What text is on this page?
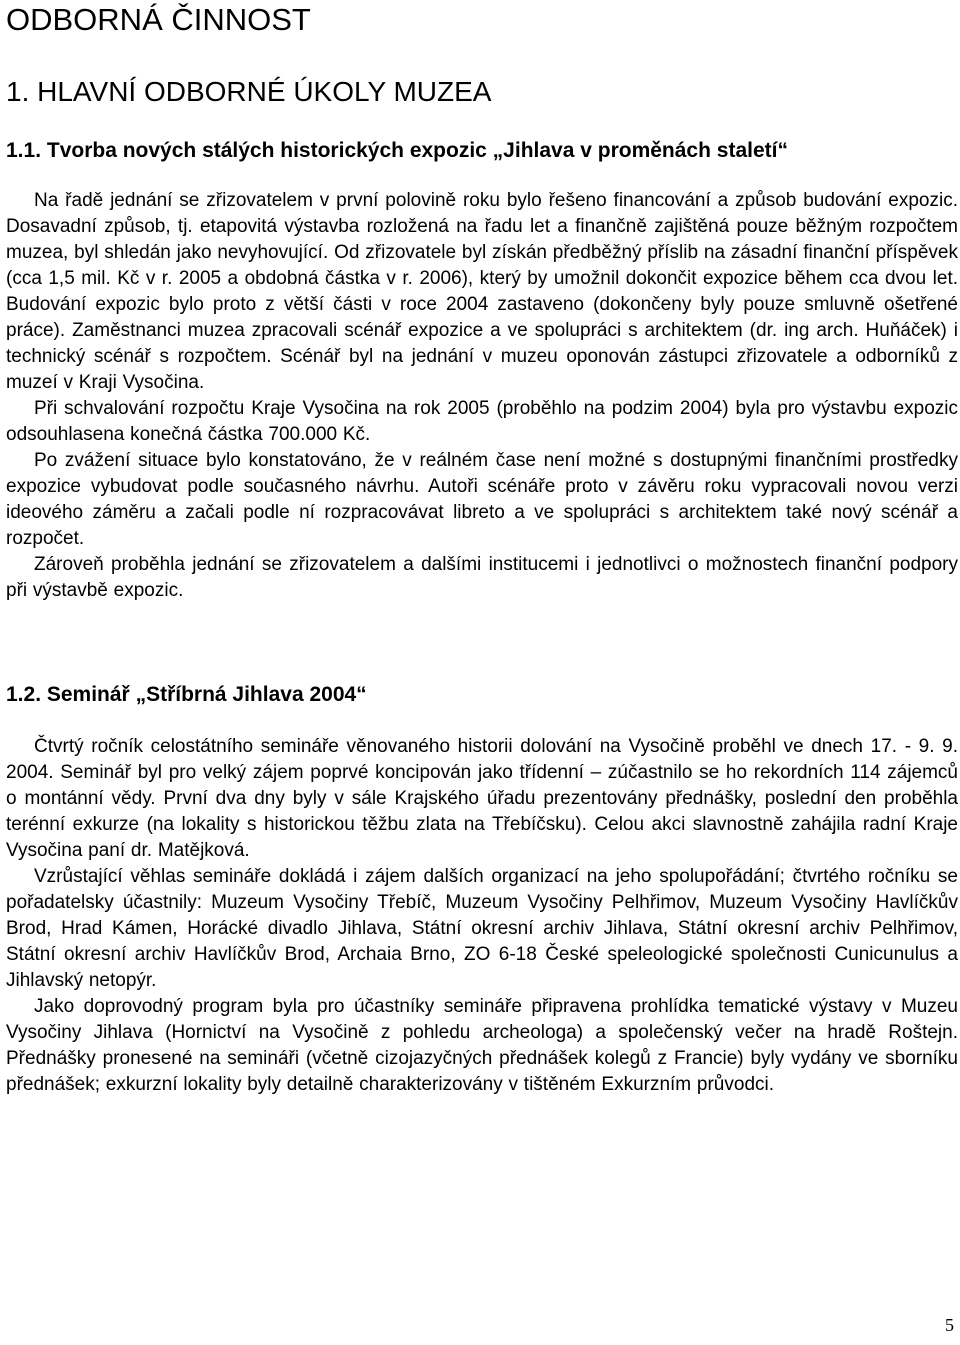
ODBORNÁ ČINNOST
1. HLAVNÍ ODBORNÉ ÚKOLY MUZEA
1.1. Tvorba nových stálých historických expozic „Jihlava v proměnách staletí“

Na řadě jednání se zřizovatelem v první polovině roku bylo řešeno financování a způsob budování expozic. Dosavadní způsob, tj. etapovitá výstavba rozložená na řadu let a finančně zajištěná pouze běžným rozpočtem muzea, byl shledán jako nevyhovující. Od zřizovatele byl získán předběžný příslib na zásadní finanční příspěvek (cca 1,5 mil. Kč v r. 2005 a obdobná částka v r. 2006), který by umožnil dokončit expozice během cca dvou let. Budování expozic bylo proto z větší části v roce 2004 zastaveno (dokončeny byly pouze smluvně ošetřené práce). Zaměstnanci muzea zpracovali scénář expozice a ve spolupráci s architektem (dr. ing arch. Huňáček) i technický scénář s rozpočtem. Scénář byl na jednání v muzeu oponován zástupci zřizovatele a odborníků z muzeí v Kraji Vysočina.

Při schvalování rozpočtu Kraje Vysočina na rok 2005 (proběhlo na podzim 2004) byla pro výstavbu expozic odsouhlasena konečná částka 700.000 Kč.

Po zvážení situace bylo konstatováno, že v reálném čase není možné s dostupnými finančními prostředky expozice vybudovat podle současného návrhu. Autoři scénáře proto v závěru roku vypracovali novou verzi ideového záměru a začali podle ní rozpracovávat libreto a ve spolupráci s architektem také nový scénář a rozpočet.

Zároveň proběhla jednání se zřizovatelem a dalšími institucemi i jednotlivci o možnostech finanční podpory při výstavbě expozic.

1.2. Seminář „Stříbrná Jihlava 2004“

Čtvrtý ročník celostátního semináře věnovaného historii dolování na Vysočině proběhl ve dnech 17. - 9. 9. 2004. Seminář byl pro velký zájem poprvé koncipován jako třídenní – zúčastnilo se ho rekordních 114 zájemců o montánní vědy. První dva dny byly v sále Krajského úřadu prezentovány přednášky, poslední den proběhla terénní exkurze (na lokality s historickou těžbu zlata na Třebíčsku). Celou akci slavnostně zahájila radní Kraje Vysočina paní dr. Matějková.

Vzrůstající věhlas semináře dokládá i zájem dalších organizací na jeho spolupořádání; čtvrtého ročníku se pořadatelsky účastnily: Muzeum Vysočiny Třebíč, Muzeum Vysočiny Pelhřimov, Muzeum Vysočiny Havlíčkův Brod, Hrad Kámen, Horácké divadlo Jihlava, Státní okresní archiv Jihlava, Státní okresní archiv Pelhřimov, Státní okresní archiv Havlíčkův Brod, Archaia Brno, ZO 6-18 České speleologické společnosti Cunicunulus a Jihlavský netopýr.

Jako doprovodný program byla pro účastníky semináře připravena prohlídka tematické výstavy v Muzeu Vysočiny Jihlava (Hornictví na Vysočině z pohledu archeologa) a společenský večer na hradě Roštejn. Přednášky pronesené na semináři (včetně cizojazyčných přednášek kolegů z Francie) byly vydány ve sborníku přednášek; exkurzní lokality byly detailně charakterizovány v tištěném Exkurzním průvodci.

5
